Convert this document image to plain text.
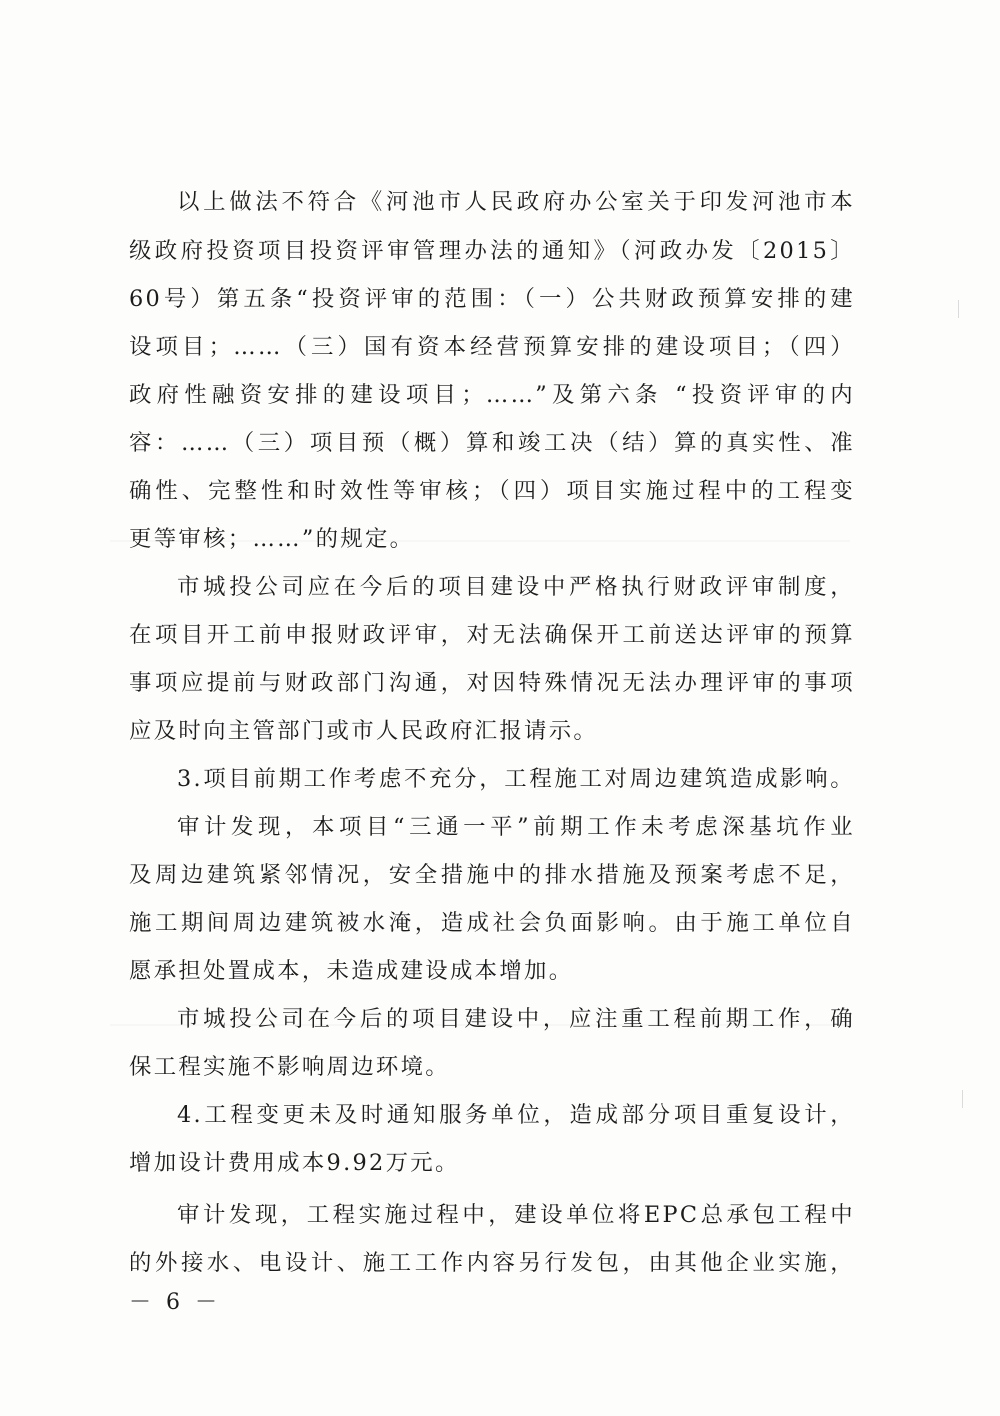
以上做法不符合《河池市人民政府办公室关于印发河池市本
级政府投资项目投资评审管理办法的通知》（河政办发〔2015〕
60号）第五条“投资评审的范围：（一）公共财政预算安排的建
设项目；……（三）国有资本经营预算安排的建设项目；（四）
政府性融资安排的建设项目；……”及第六条 “投资评审的内
容：……（三）项目预（概）算和竣工决（结）算的真实性、准
确性、完整性和时效性等审核；（四）项目实施过程中的工程变
更等审核；……”的规定。
市城投公司应在今后的项目建设中严格执行财政评审制度，
在项目开工前申报财政评审，对无法确保开工前送达评审的预算
事项应提前与财政部门沟通，对因特殊情况无法办理评审的事项
应及时向主管部门或市人民政府汇报请示。
3.项目前期工作考虑不充分，工程施工对周边建筑造成影响。
审计发现，本项目“三通一平”前期工作未考虑深基坑作业
及周边建筑紧邻情况，安全措施中的排水措施及预案考虑不足，
施工期间周边建筑被水淹，造成社会负面影响。由于施工单位自
愿承担处置成本，未造成建设成本增加。
市城投公司在今后的项目建设中，应注重工程前期工作，确
保工程实施不影响周边环境。
4.工程变更未及时通知服务单位，造成部分项目重复设计，
增加设计费用成本9.92万元。
审计发现，工程实施过程中，建设单位将EPC总承包工程中
的外接水、电设计、施工工作内容另行发包，由其他企业实施，
－ 6 －
